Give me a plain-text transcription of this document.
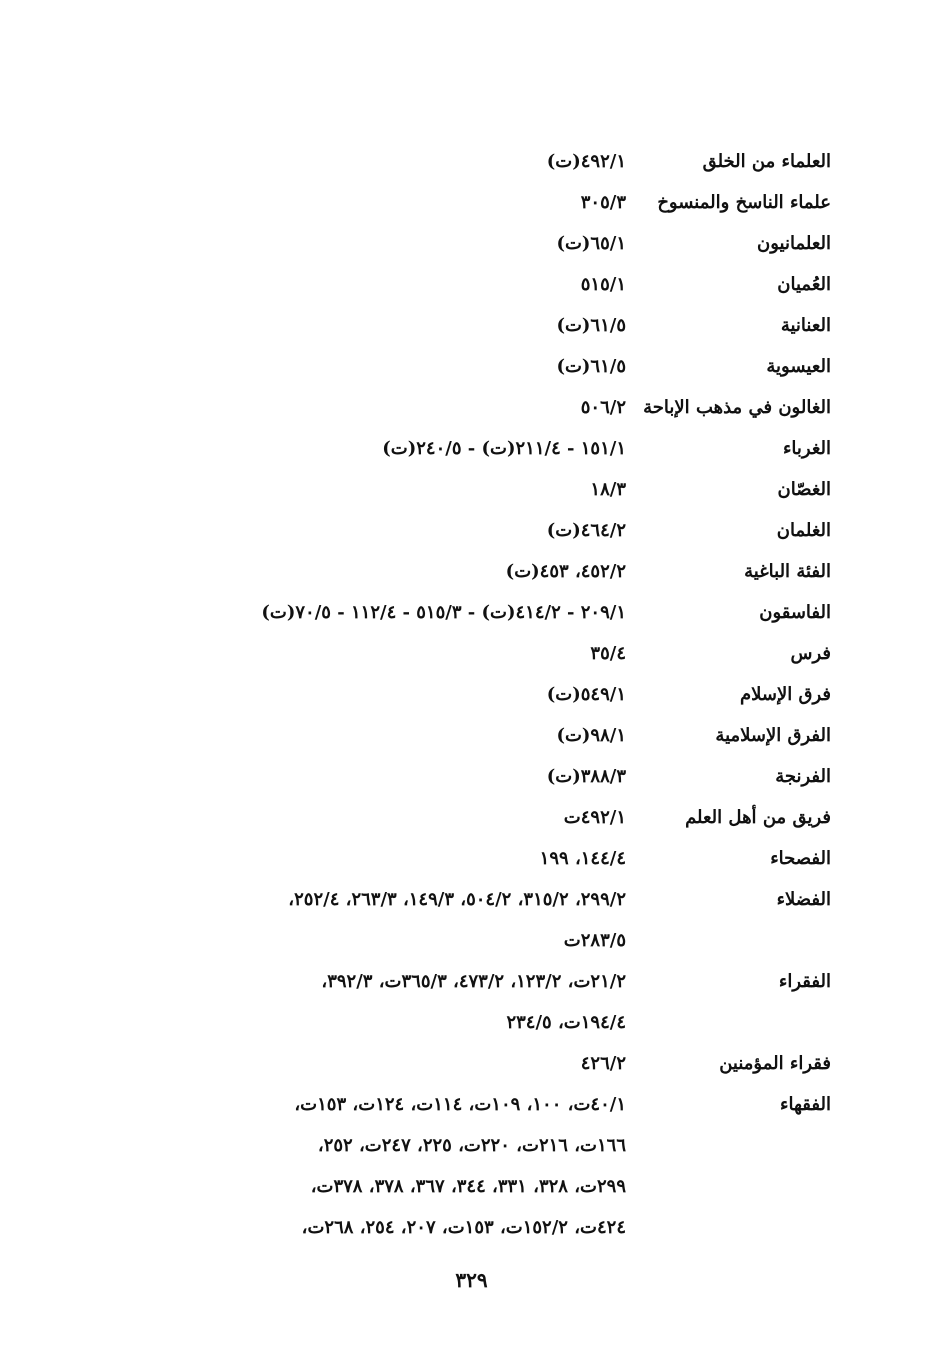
العلماء من الخلق
٤٩٢/١(ت)
علماء الناسخ والمنسوخ
٣٠٥/٣
العلمانيون
٦٥/١(ت)
العُميان
٥١٥/١
العنانية
٦١/٥(ت)
العيسوية
٦١/٥(ت)
الغالون في مذهب الإباحة
٥٠٦/٢
الغرباء
١٥١/١ - ٢١١/٤(ت) - ٢٤٠/٥(ت)
الغصّان
١٨/٣
الغلمان
٤٦٤/٢(ت)
الفئة الباغية
٤٥٢/٢، ٤٥٣(ت)
الفاسقون
٢٠٩/١ - ٤١٤/٢(ت) - ٥١٥/٣ - ١١٢/٤ - ٧٠/٥(ت)
فرس
٣٥/٤
فرق الإسلام
٥٤٩/١(ت)
الفرق الإسلامية
٩٨/١(ت)
الفرنجة
٣٨٨/٣(ت)
فريق من أهل العلم
٤٩٢/١ت
الفصحاء
١٤٤/٤، ١٩٩
الفضلاء
٢٩٩/٢، ٣١٥/٢، ٥٠٤/٢، ١٤٩/٣، ٢٦٣/٣، ٢٥٢/٤،
٢٨٣/٥ت
الفقراء
٢١/٢ت، ١٢٣/٢، ٤٧٣/٢، ٣٦٥/٣ت، ٣٩٢/٣،
١٩٤/٤ت، ٢٣٤/٥
فقراء المؤمنين
٤٢٦/٢
الفقهاء
٤٠/١ت، ١٠٠، ١٠٩ت، ١١٤ت، ١٢٤ت، ١٥٣ت،
١٦٦ت، ٢١٦ت، ٢٢٠ت، ٢٢٥، ٢٤٧ت، ٢٥٢،
٢٩٩ت، ٣٢٨، ٣٣١، ٣٤٤، ٣٦٧، ٣٧٨، ٣٧٨ت،
٤٢٤ت، ١٥٢/٢ت، ١٥٣ت، ٢٠٧، ٢٥٤، ٢٦٨ت،
٣٢٩
